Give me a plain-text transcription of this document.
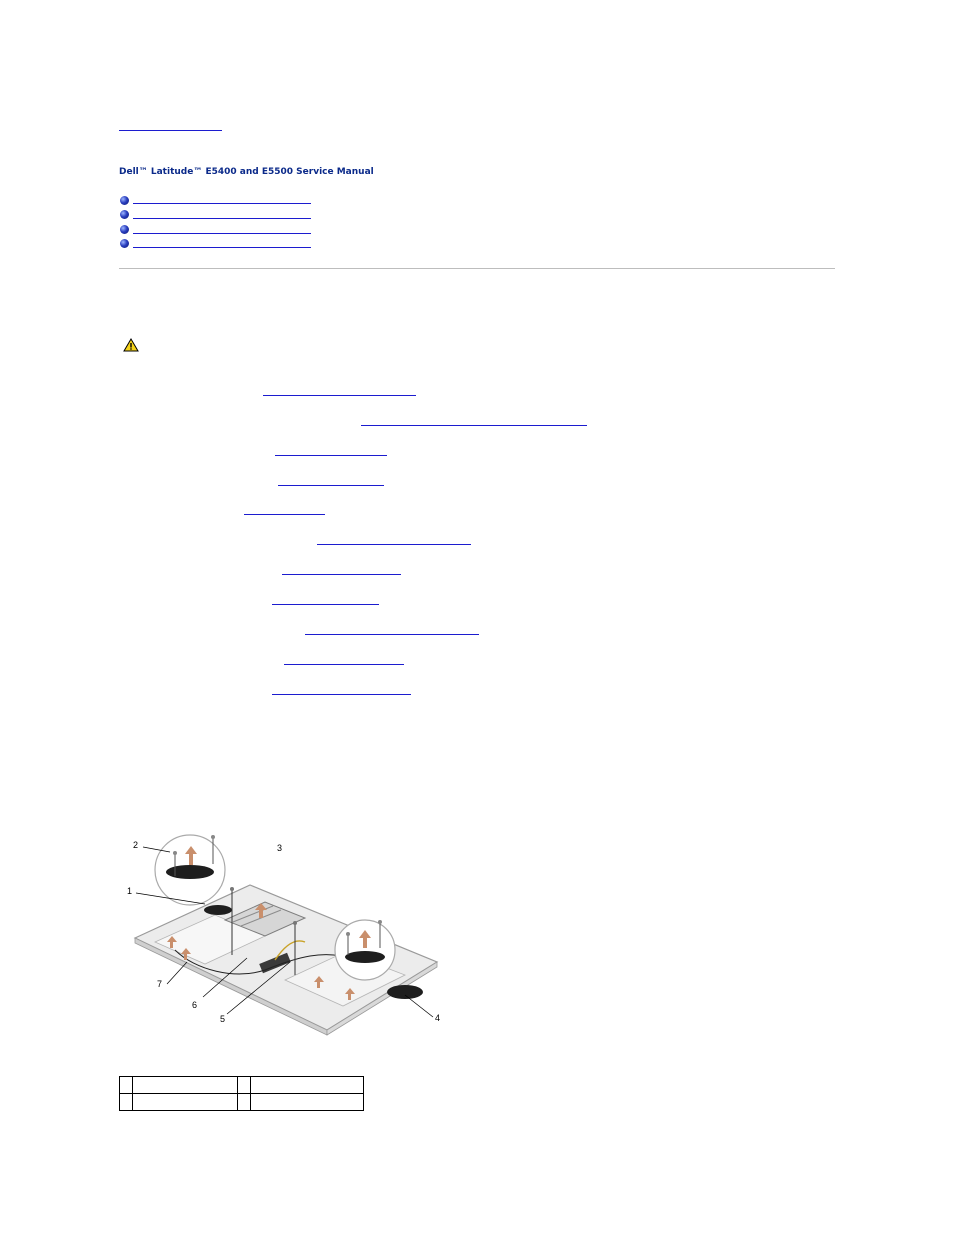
Dell™ Latitude™ E5400 and E5500 Service Manual
1
2	3
4
5
6
7
